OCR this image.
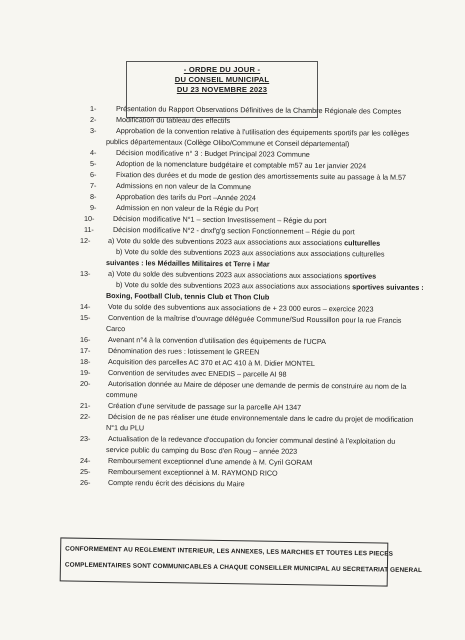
- ORDRE DU JOUR -
DU CONSEIL MUNICIPAL
DU 23 NOVEMBRE 2023
1-	Présentation du Rapport Observations Définitives de la Chambre Régionale des Comptes
2-	Modification du tableau des effectifs
3-	Approbation de la convention relative à l'utilisation des équipements sportifs par les collèges
publics départementaux (Collège Olibo/Commune et Conseil départemental)
4-	Décision modificative n° 3 : Budget Principal 2023 Commune
5-	Adoption de la nomenclature budgétaire et comptable m57 au 1er janvier 2024
6-	Fixation des durées et du mode de gestion des amortissements suite au passage à la M.57
7-	Admissions en non valeur de la Commune
8-	Approbation des tarifs du Port –Année 2024
9-	Admission en non valeur de la Régie du Port
10-	Décision modificative N°1 – section Investissement – Régie du port
11-	Décision modificative N°2 - dnxf'g'g section Fonctionnement – Régie du port
12- a) Vote du solde des subventions 2023 aux associations aux associations culturelles
b) Vote du solde des subventions 2023 aux associations aux associations culturelles
suivantes : les Médailles Militaires et Terre i Mar
13- a) Vote du solde des subventions 2023 aux associations aux associations sportives
b) Vote du solde des subventions 2023 aux associations aux associations sportives suivantes :
Boxing, Football Club, tennis Club et Thon Club
14- Vote du solde des subventions aux associations de + 23 000 euros – exercice 2023
15- Convention de la maîtrise d'ouvrage déléguée Commune/Sud Roussillon pour la rue Francis
Carco
16- Avenant n°4 à la convention d'utilisation des équipements de l'UCPA
17- Dénomination des rues : lotissement le GREEN
18- Acquisition des parcelles AC 370 et AC 410 à M. Didier MONTEL
19- Convention de servitudes avec ENEDIS – parcelle AI 98
20- Autorisation donnée au Maire de déposer une demande de permis de construire au nom de la
commune
21- Création d'une servitude de passage sur la parcelle AH 1347
22- Décision de ne pas réaliser une étude environnementale dans le cadre du projet de modification
N°1 du PLU
23- Actualisation de la redevance d'occupation du foncier communal destiné à l'exploitation du
service public du camping du Bosc d'en Roug – année 2023
24- Remboursement exceptionnel d'une amende à M. Cyril GORAM
25- Remboursement exceptionnel à M. RAYMOND RICO
26- Compte rendu écrit des décisions du Maire
CONFORMEMENT AU REGLEMENT INTERIEUR, LES ANNEXES, LES MARCHES ET TOUTES LES PIECES
COMPLEMENTAIRES SONT COMMUNICABLES A CHAQUE CONSEILLER MUNICIPAL AU SECRETARIAT GENERAL
